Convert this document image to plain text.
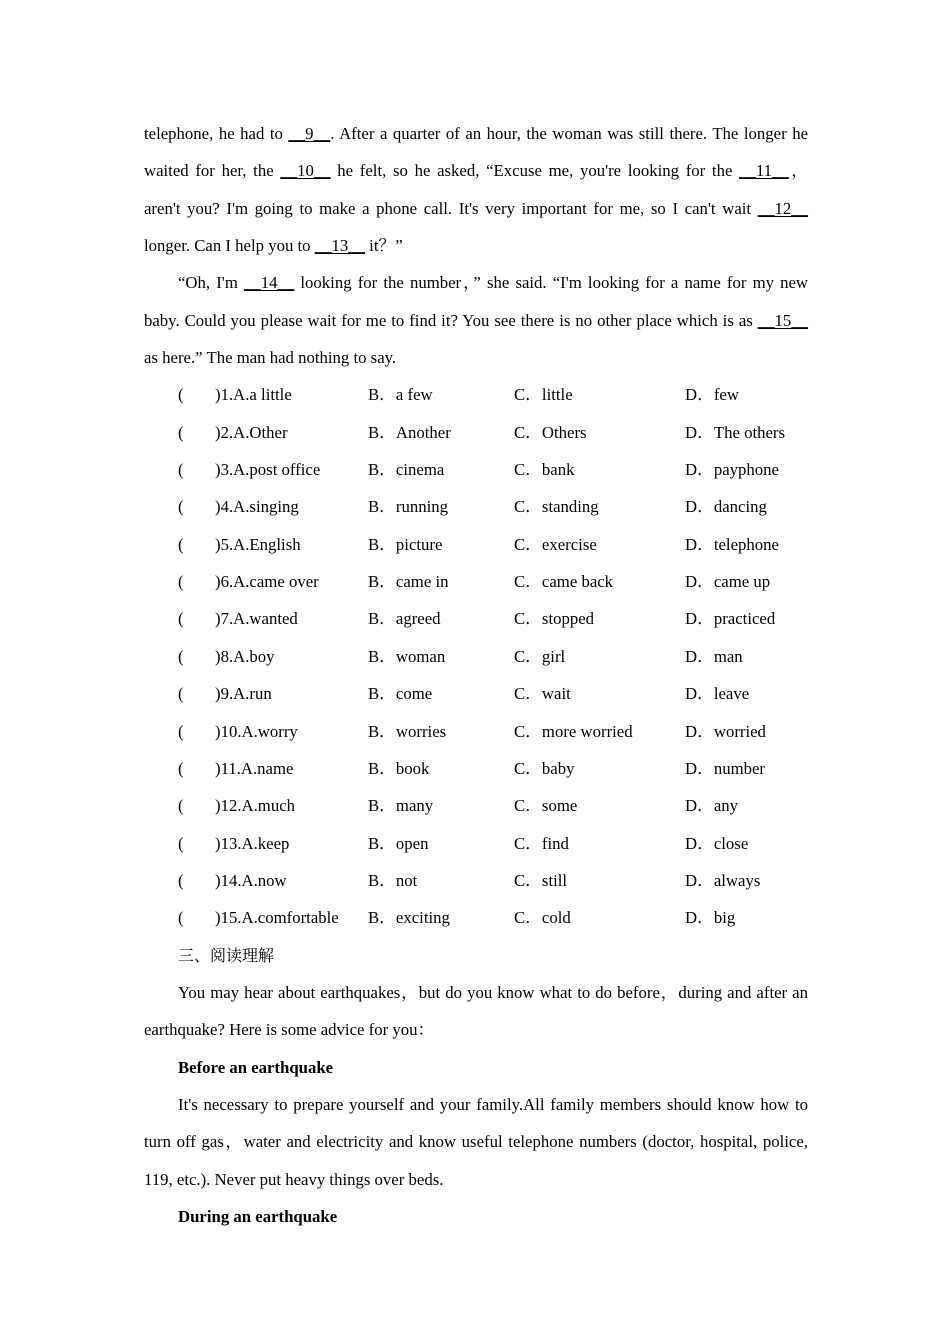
telephone, he had to __9__. After a quarter of an hour, the woman was still there. The longer he
waited for her, the __10__ he felt, so he asked, “Excuse me, you're looking for the __11__，
aren't you? I'm going to make a phone call. It's very important for me, so I can't wait __12__
longer. Can I help you to __13__ it？”
“Oh, I'm __14__ looking for the number，” she said. “I'm looking for a name for my new
baby. Could you please wait for me to find it? You see there is no other place which is as __15__
as here.” The man had nothing to say.
( )1.A.a little	B．a few	C．little	D．few
( )2.A.Other	B．Another	C．Others	D．The others
( )3.A.post office	B．cinema	C．bank	D．payphone
( )4.A.singing	B．running	C．standing	D．dancing
( )5.A.English	B．picture	C．exercise	D．telephone
( )6.A.came over	B．came in	C．came back	D．came up
( )7.A.wanted	B．agreed	C．stopped	D．practiced
( )8.A.boy	B．woman	C．girl	D．man
( )9.A.run	B．come	C．wait	D．leave
( )10.A.worry	B．worries	C．more worried	D．worried
( )11.A.name	B．book	C．baby	D．number
( )12.A.much	B．many	C．some	D．any
( )13.A.keep	B．open	C．find	D．close
( )14.A.now	B．not	C．still	D．always
( )15.A.comfortable B．exciting	C．cold	D．big
三、阅读理解
You may hear about earthquakes，but do you know what to do before，during and after an
earthquake? Here is some advice for you：
Before an earthquake
It's necessary to prepare yourself and your family.All family members should know how to
turn off gas，water and electricity and know useful telephone numbers (doctor, hospital, police,
119, etc.). Never put heavy things over beds.
During an earthquake
